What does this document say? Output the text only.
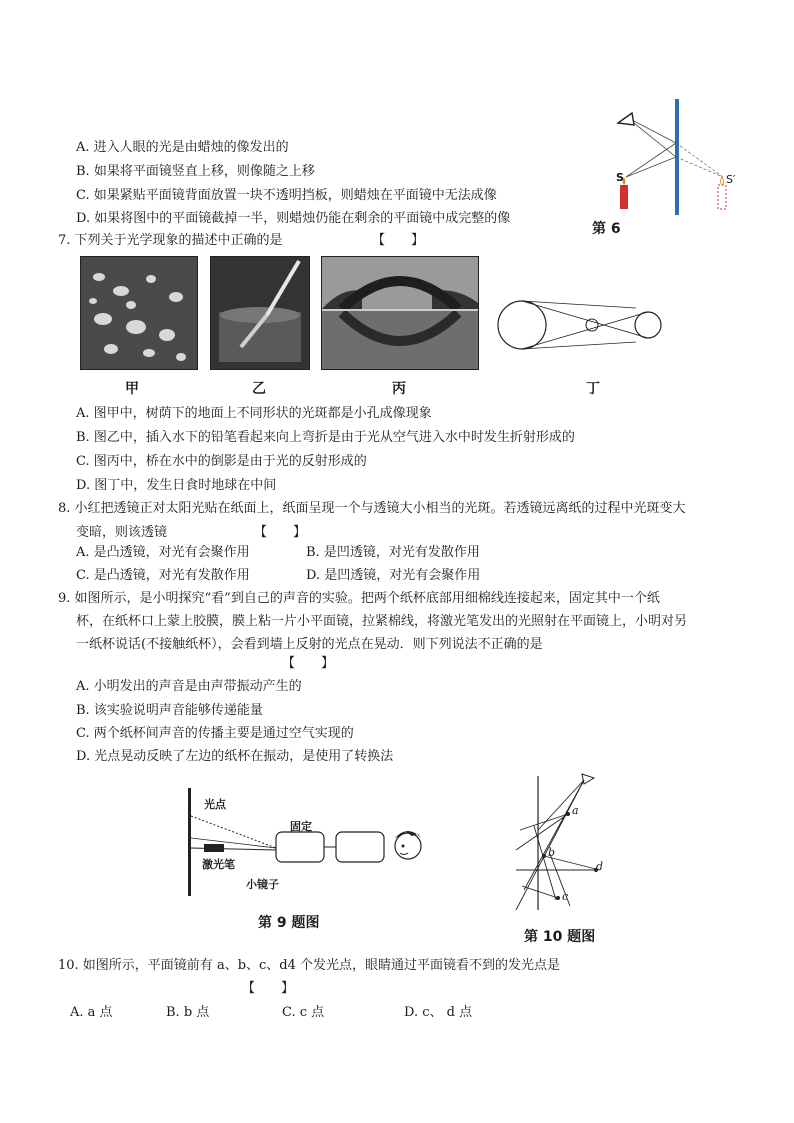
A. 进入人眼的光是由蜡烛的像发出的
B. 如果将平面镜竖直上移，则像随之上移
C. 如果紧贴平面镜背面放置一块不透明挡板，则蜡烛在平面镜中无法成像
D. 如果将图中的平面镜截掉一半，则蜡烛仍能在剩余的平面镜中成完整的像
S	S′
第 6
7. 下列关于光学现象的描述中正确的是	【　　】
甲	乙	丙	丁
A. 图甲中，树荫下的地面上不同形状的光斑都是小孔成像现象
B. 图乙中，插入水下的铅笔看起来向上弯折是由于光从空气进入水中时发生折射形成的
C. 图丙中，桥在水中的倒影是由于光的反射形成的
D. 图丁中，发生日食时地球在中间
8. 小红把透镜正对太阳光贴在纸面上，纸面呈现一个与透镜大小相当的光斑。若透镜远离纸的过程中光斑变大
变暗，则该透镜	【　　】
A. 是凸透镜，对光有会聚作用	B. 是凹透镜，对光有发散作用
C. 是凸透镜，对光有发散作用	D. 是凹透镜，对光有会聚作用
9. 如图所示，是小明探究“看”到自己的声音的实验。把两个纸杯底部用细棉线连接起来，固定其中一个纸
杯，在纸杯口上蒙上胶膜，膜上粘一片小平面镜，拉紧棉线，将激光笔发出的光照射在平面镜上，小明对另
一纸杯说话(不接触纸杯），会看到墙上反射的光点在晃动．则下列说法不正确的是
【　　】
A. 小明发出的声音是由声带振动产生的
B. 该实验说明声音能够传递能量
C. 两个纸杯间声音的传播主要是通过空气实现的
D. 光点晃动反映了左边的纸杯在振动，是使用了转换法
光点
固定
激光笔
小镜子
第 9 题图
a
b
c
d
第 10 题图
10. 如图所示，平面镜前有 a、b、c、d4 个发光点，眼睛通过平面镜看不到的发光点是
【　　】
A. a 点	B. b 点	C. c 点	D. c、 d 点
